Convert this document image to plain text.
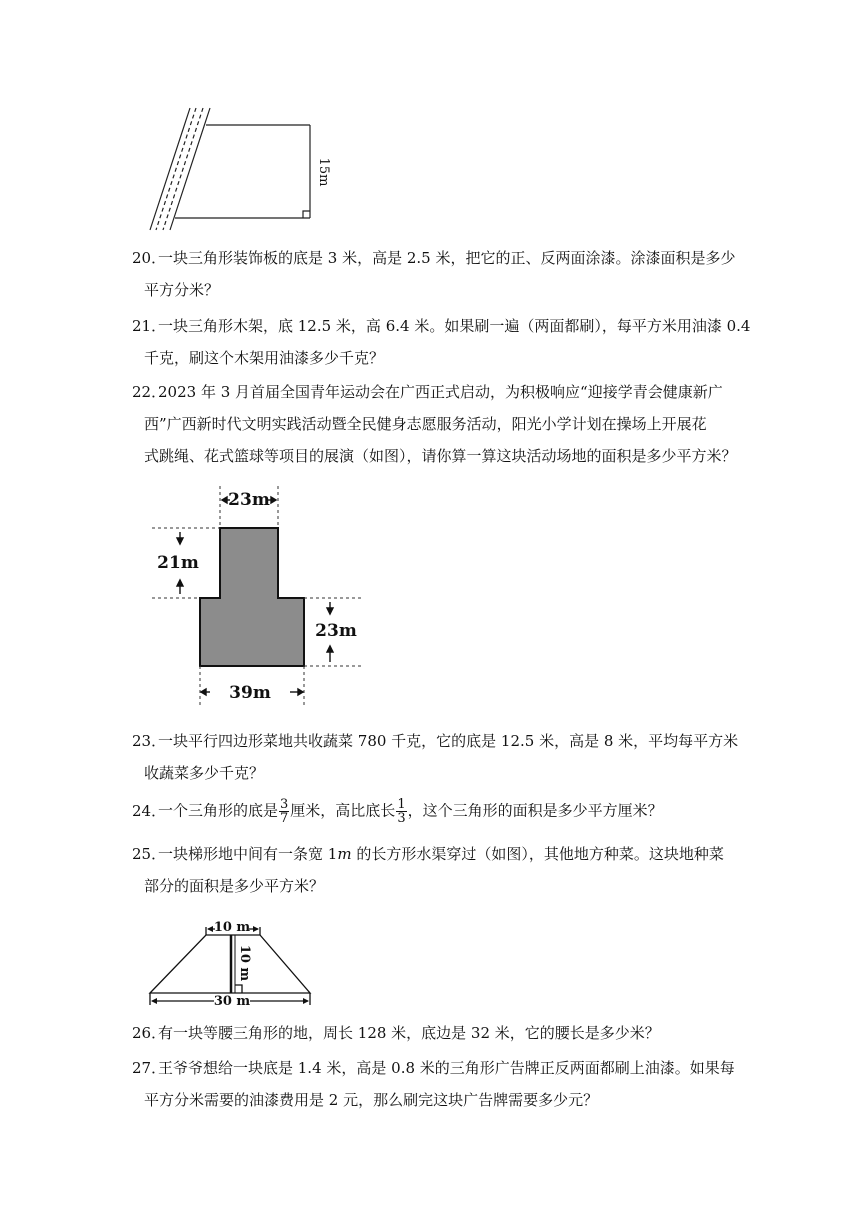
15m
20．一块三角形装饰板的底是 3 米，高是 2.5 米，把它的正、反两面涂漆。涂漆面积是多少
平方分米？
21．一块三角形木架，底 12.5 米，高 6.4 米。如果刷一遍（两面都刷），每平方米用油漆 0.4
千克，刷这个木架用油漆多少千克？
22．2023 年 3 月首届全国青年运动会在广西正式启动，为积极响应“迎接学青会健康新广
西”广西新时代文明实践活动暨全民健身志愿服务活动，阳光小学计划在操场上开展花
式跳绳、花式篮球等项目的展演（如图），请你算一算这块活动场地的面积是多少平方米？
23m
21m
23m
39m
23．一块平行四边形菜地共收蔬菜 780 千克，它的底是 12.5 米，高是 8 米，平均每平方米
收蔬菜多少千克？
24．一个三角形的底是 $\frac{3}{7}$ 厘米，高比底长 $\frac{1}{3}$ ，这个三角形的面积是多少平方厘米？
25．一块梯形地中间有一条宽 1m 的长方形水渠穿过（如图），其他地方种菜。这块地种菜
部分的面积是多少平方米？
10 m
10 m
30 m
26．有一块等腰三角形的地，周长 128 米，底边是 32 米，它的腰长是多少米？
27．王爷爷想给一块底是 1.4 米，高是 0.8 米的三角形广告牌正反两面都刷上油漆。如果每
平方分米需要的油漆费用是 2 元，那么刷完这块广告牌需要多少元？
